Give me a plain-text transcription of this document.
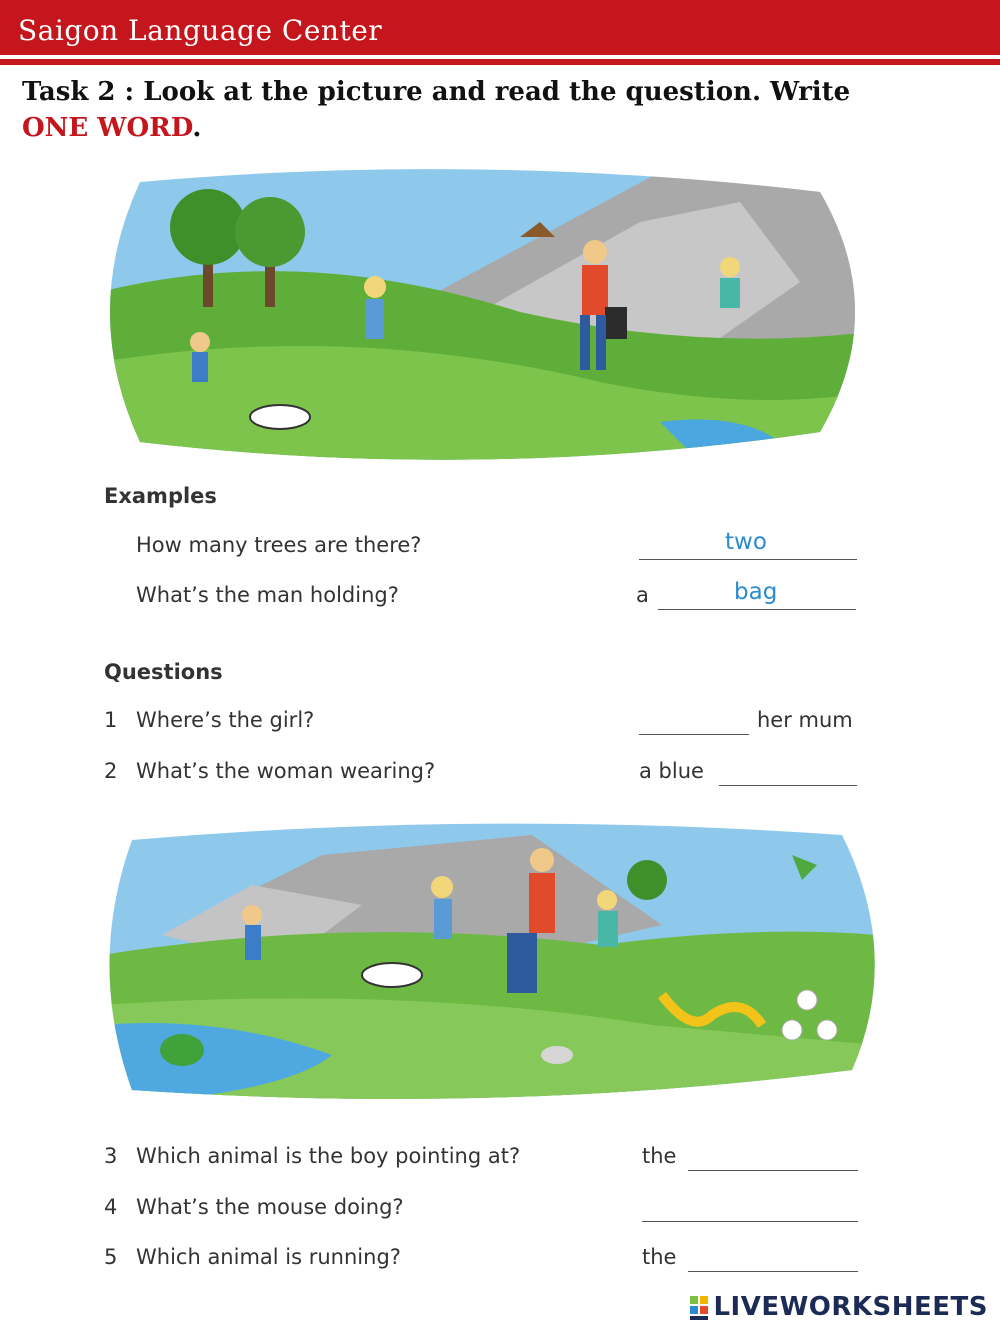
Saigon Language Center
Task 2 : Look at the picture and read the question. Write
ONE WORD.
Examples
How many trees are there?	two
What’s the man holding?	a	bag
Questions
1 Where’s the girl?	her mum
2 What’s the woman wearing?	a blue
3 Which animal is the boy pointing at?	the
4 What’s the mouse doing?
5 Which animal is running?	the
LIVEWORKSHEETS
